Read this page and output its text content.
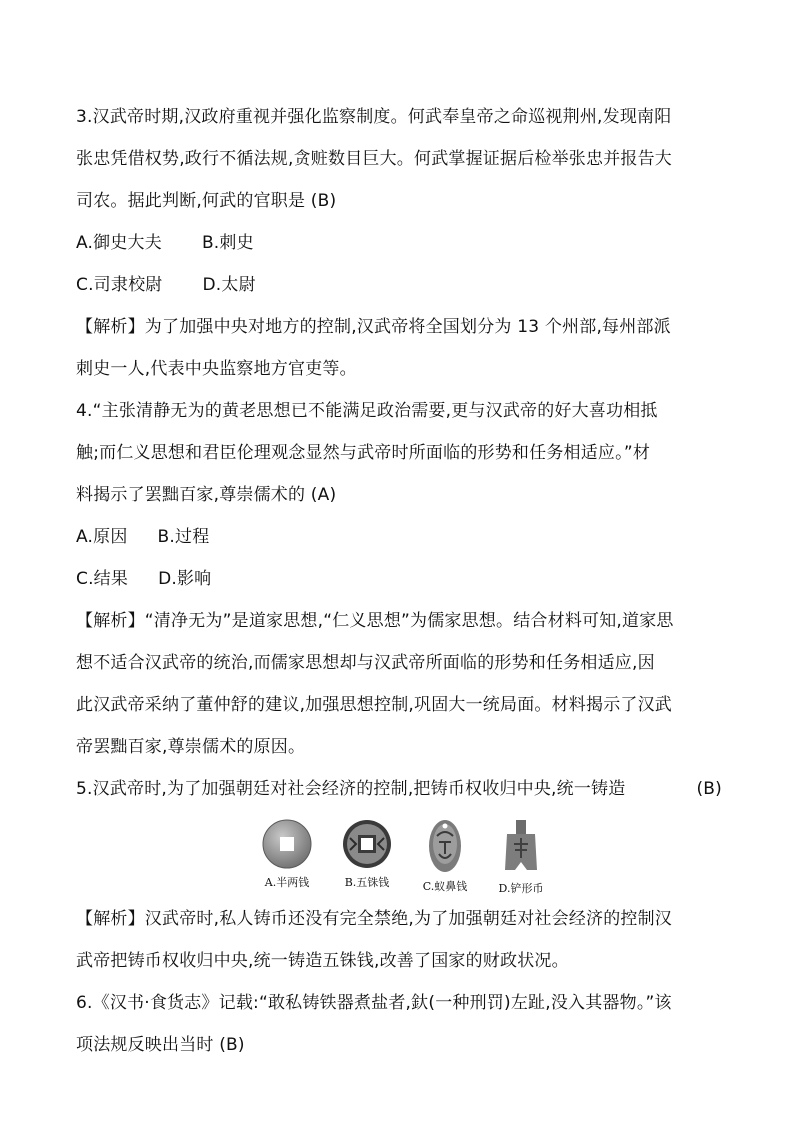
3.汉武帝时期,汉政府重视并强化监察制度。何武奉皇帝之命巡视荆州,发现南阳
张忠凭借权势,政行不循法规,贪赃数目巨大。何武掌握证据后检举张忠并报告大
司农。据此判断,何武的官职是 (B)
A.御史大夫 B.刺史
C.司隶校尉 D.太尉
【解析】为了加强中央对地方的控制,汉武帝将全国划分为 13 个州部,每州部派
刺史一人,代表中央监察地方官吏等。
4.“主张清静无为的黄老思想已不能满足政治需要,更与汉武帝的好大喜功相抵
触;而仁义思想和君臣伦理观念显然与武帝时所面临的形势和任务相适应。”材
料揭示了罢黜百家,尊崇儒术的 (A)
A.原因 B.过程
C.结果 D.影响
【解析】“清净无为”是道家思想,“仁义思想”为儒家思想。结合材料可知,道家思
想不适合汉武帝的统治,而儒家思想却与汉武帝所面临的形势和任务相适应,因
此汉武帝采纳了董仲舒的建议,加强思想控制,巩固大一统局面。材料揭示了汉武
帝罢黜百家,尊崇儒术的原因。
5.汉武帝时,为了加强朝廷对社会经济的控制,把铸币权收归中央,统一铸造	(B)
A.半两钱	B.五铢钱	C.蚁鼻钱	D.铲形币
【解析】汉武帝时,私人铸币还没有完全禁绝,为了加强朝廷对社会经济的控制汉
武帝把铸币权收归中央,统一铸造五铢钱,改善了国家的财政状况。
6.《汉书·食货志》记载:“敢私铸铁器煮盐者,釱(一种刑罚)左趾,没入其器物。”该
项法规反映出当时 (B)
